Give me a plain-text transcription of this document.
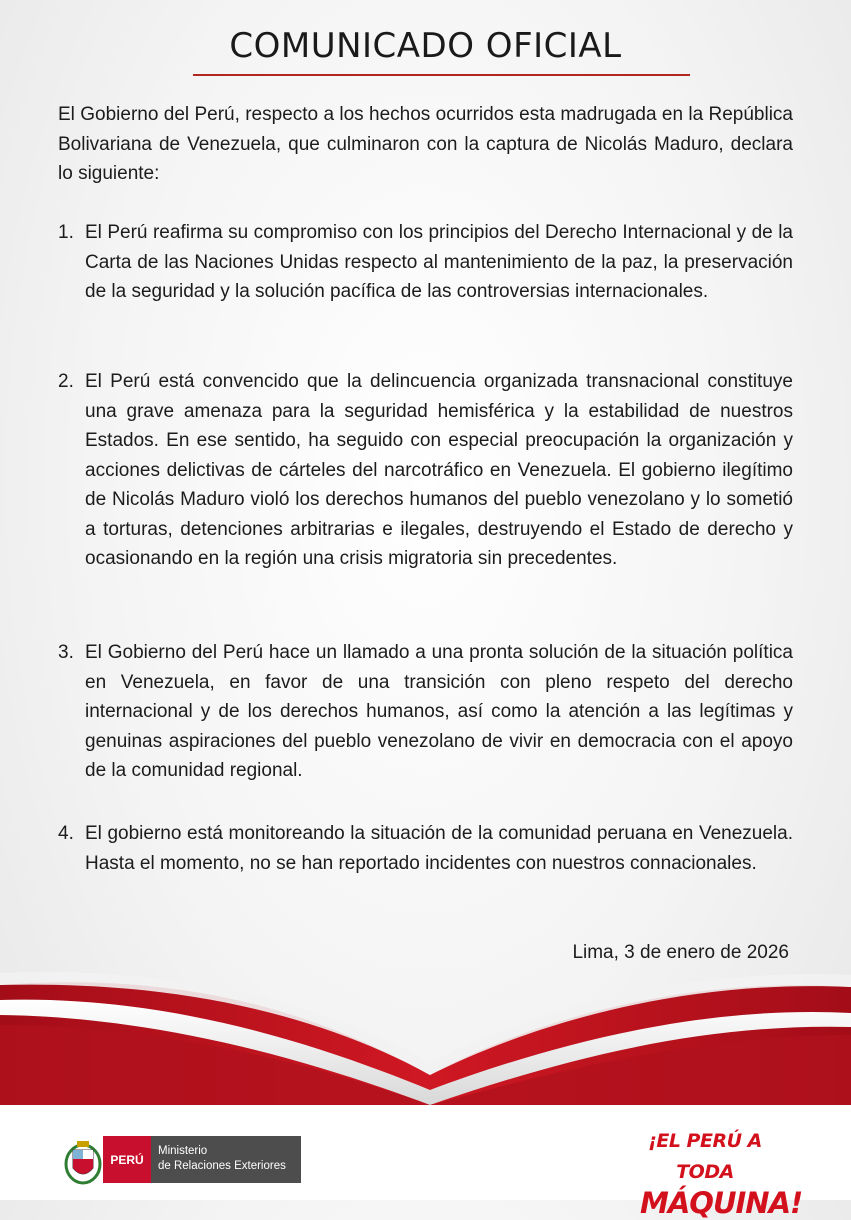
COMUNICADO OFICIAL

El Gobierno del Perú, respecto a los hechos ocurridos esta madrugada en la República Bolivariana de Venezuela, que culminaron con la captura de Nicolás Maduro, declara lo siguiente:

1. El Perú reafirma su compromiso con los principios del Derecho Internacional y de la Carta de las Naciones Unidas respecto al mantenimiento de la paz, la preservación de la seguridad y la solución pacífica de las controversias internacionales.

2. El Perú está convencido que la delincuencia organizada transnacional constituye una grave amenaza para la seguridad hemisférica y la estabilidad de nuestros Estados. En ese sentido, ha seguido con especial preocupación la organización y acciones delictivas de cárteles del narcotráfico en Venezuela. El gobierno ilegítimo de Nicolás Maduro violó los derechos humanos del pueblo venezolano y lo sometió a torturas, detenciones arbitrarias e ilegales, destruyendo el Estado de derecho y ocasionando en la región una crisis migratoria sin precedentes.

3. El Gobierno del Perú hace un llamado a una pronta solución de la situación política en Venezuela, en favor de una transición con pleno respeto del derecho internacional y de los derechos humanos, así como la atención a las legítimas y genuinas aspiraciones del pueblo venezolano de vivir en democracia con el apoyo de la comunidad regional.

4. El gobierno está monitoreando la situación de la comunidad peruana en Venezuela. Hasta el momento, no se han reportado incidentes con nuestros connacionales.

Lima, 3 de enero de 2026

PERÚ
Ministerio
de Relaciones Exteriores
¡EL PERÚ A TODA
MÁQUINA!
